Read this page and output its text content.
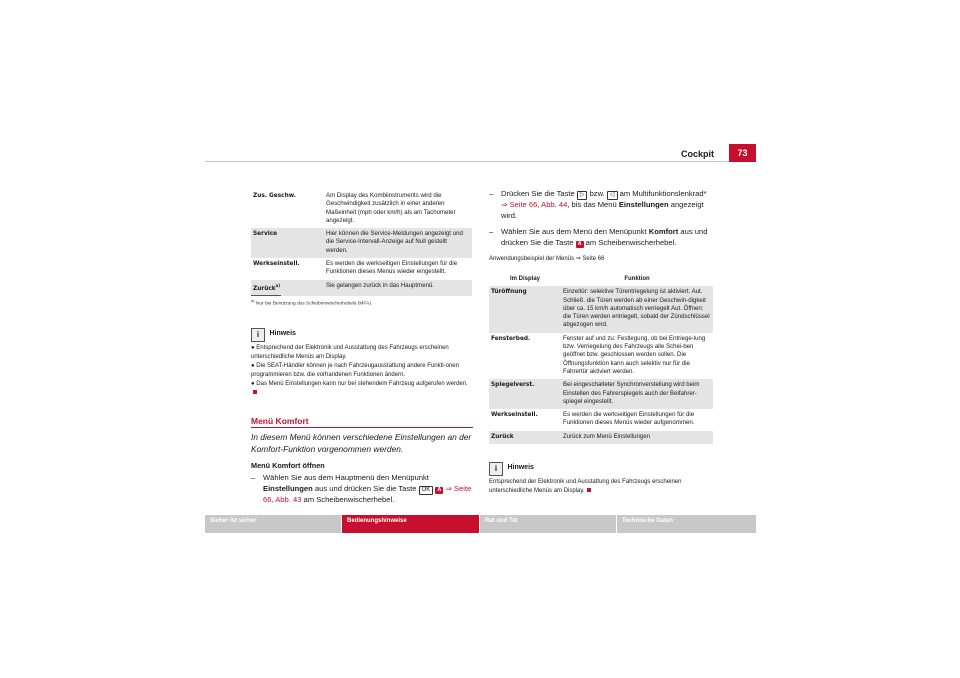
Cockpit	73
Zus. Geschw.	Am Display des Kombiinstruments wird die Geschwindigkeit zusätzlich in einer anderen Maßeinheit (mph oder km/h) als am Tachometer angezeigt.
Service	Hier können die Service-Meldungen angezeigt und die Service-Intervall-Anzeige auf Null gestellt werden.
Werkseinstell.	Es werden die werkseitigen Einstellungen für die Funktionen dieses Menüs wieder eingestellt.
Zurück$^{a)}$	Sie gelangen zurück in das Hauptmenü.
$^{a)}$ Nur bei Benutzung des Scheibenwischerhebels (MFA).
i Hinweis
● Entsprechend der Elektronik und Ausstattung des Fahrzeugs erscheinen unterschiedliche Menüs am Display.
● Die SEAT-Händler können je nach Fahrzeugausstattung andere Funkti-onen programmieren bzw. die vorhandenen Funktionen ändern.
● Das Menü Einstellungen kann nur bei stehendem Fahrzeug aufgerufen werden.
Menü Komfort
In diesem Menü können verschiedene Einstellungen an der Komfort-Funktion vorgenommen werden.
Menü Komfort öffnen
– Wählen Sie aus dem Hauptmenü den Menüpunkt Einstellungen aus und drücken Sie die Taste OK A ⇒ Seite 66, Abb. 43 am Scheibenwischerhebel.
– Drücken Sie die Taste ▷ bzw. ◁ am Multifunktionslenkrad* ⇒ Seite 66, Abb. 44, bis das Menü Einstellungen angezeigt wird.
– Wählen Sie aus dem Menü den Menüpunkt Komfort aus und drücken Sie die Taste A am Scheibenwischerhebel.
Anwendungsbeispiel der Menüs ⇒ Seite 66
Im Display	Funktion
Türöffnung	Einzeltür: selektive Türentriegelung ist aktiviert. Aut. Schließ. die Türen werden ab einer Geschwin-digkeit über ca. 15 km/h automatisch verriegelt Aut. Öffnen: die Türen werden entriegelt, sobald der Zündschlüssel abgezogen wird.
Fensterbed.	Fenster auf und zu: Festlegung, ob bei Entriege-lung bzw. Verriegelung des Fahrzeugs alle Schei-ben geöffnet bzw. geschlossen werden sollen. Die Öffnungsfunktion kann auch selektiv nur für die Fahrertür aktiviert werden.
Spiegelverst.	Bei eingeschalteter Synchronverstellung wird beim Einstellen des Fahrerspiegels auch der Beifahrer-spiegel eingestellt.
Werkseinstell.	Es werden die werkseitigen Einstellungen für die Funktionen dieses Menüs wieder aufgenommen.
Zurück	Zurück zum Menü Einstellungen
i Hinweis
Entsprechend der Elektronik und Ausstattung des Fahrzeugs erscheinen unterschiedliche Menüs am Display.
Sicher ist sicher	Bedienungshinweise	Rat und Tat	Technische Daten
